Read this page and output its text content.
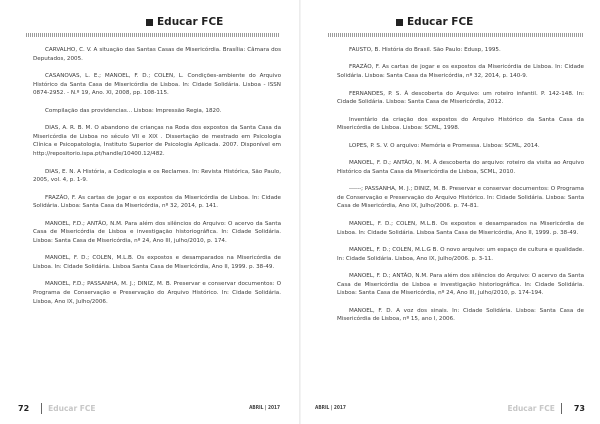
Educar FCE

CARVALHO, C. V. A situação das Santas Casas de Misericórdia. Brasília: Câmara dos Deputados, 2005.

CASANOVAS, L. E.; MANOEL, F. D.; COLEN, L. Condições-ambiente do Arquivo Histórico da Santa Casa de Misericórdia de Lisboa. In: Cidade Solidária. Lisboa - ISSN 0874-2952. - N.º 19, Ano. XI, 2008, pp. 108-115.

Compilação das providencias... Lisboa: Impressão Regia, 1820.

DIAS, A. R. B. M. O abandono de crianças na Roda dos expostos da Santa Casa da Misericórdia de Lisboa no século VII e XIX . Dissertação de mestrado em Psicologia Clínica e Psicopatologia, Instituto Superior de Psicologia Aplicada. 2007. Disponível em http://repositorio.ispa.pt/handle/10400.12/482.

DIAS, E. N. A História, a Codicologia e os Reclames. In: Revista Histórica, São Paulo, 2005, vol. 4, p. 1-9.

FRAZÃO, F. As cartas de jogar e os expostos da Misericórdia de Lisboa. In: Cidade Solidária. Lisboa: Santa Casa da Misericórdia, nº 32, 2014, p. 141.

MANOEL, F.D.; ANTÃO, N.M. Para além dos silêncios do Arquivo: O acervo da Santa Casa de Misericórdia de Lisboa e investigação historiográfica. In: Cidade Solidária. Lisboa: Santa Casa de Misericórdia, nº 24, Ano III, julho/2010, p. 174.

MANOEL, F. D.; COLEN, M.L.B. Os expostos e desamparados na Misericórdia de Lisboa. In: Cidade Solidária. Lisboa Santa Casa de Misericórdia, Ano II, 1999. p. 38-49.

MANOEL, F.D.; PASSANHA, M. J.; DINIZ, M. B. Preservar e conservar documentos: O Programa de Conservação e Preservação do Arquivo Histórico. In: Cidade Solidária. Lisboa, Ano IX, Julho/2006.

72	Educar FCE	ABRIL | 2017
Educar FCE

FAUSTO, B. História do Brasil. São Paulo: Edusp, 1995.

FRAZÃO, F. As cartas de jogar e os expostos da Misericórdia de Lisboa. In: Cidade Solidária. Lisboa: Santa Casa da Misericórdia, nº 32, 2014, p. 140-9.

FERNANDES, P. S. À descoberta do Arquivo: um roteiro infantil. P. 142-148. In: Cidade Solidária. Lisboa: Santa Casa de Misericórdia, 2012.

Inventário da criação dos expostos do Arquivo Histórico da Santa Casa da Misericórdia de Lisboa. Lisboa: SCML, 1998.

LOPES, P. S. V. O arquivo: Memória e Promessa. Lisboa: SCML, 2014.

MANOEL, F. D.; ANTÃO, N. M. À descoberta do arquivo: roteiro da visita ao Arquivo Histórico da Santa Casa da Misericórdia de Lisboa, SCML, 2010.

------; PASSANHA, M. J.; DINIZ, M. B. Preservar e conservar documentos: O Programa de Conservação e Preservação do Arquivo Histórico. In: Cidade Solidária. Lisboa: Santa Casa de Misericórdia, Ano IX, Julho/2006. p. 74-81.

MANOEL, F. D.; COLEN, M.L.B. Os expostos e desamparados na Misericórdia de Lisboa. In: Cidade Solidária. Lisboa Santa Casa de Misericórdia, Ano II, 1999. p. 38-49.

MANOEL, F. D.; COLEN, M.L.G B. O novo arquivo: um espaço de cultura e qualidade. In: Cidade Solidária. Lisboa, Ano IX, Julho/2006. p. 3-11.

MANOEL, F. D.; ANTÃO, N.M. Para além dos silêncios do Arquivo: O acervo da Santa Casa de Misericórdia de Lisboa e investigação historiográfica. In: Cidade Solidária. Lisboa: Santa Casa de Misericórdia, nº 24, Ano III, julho/2010, p. 174-194.

MANOEL, F. D. A voz dos sinais. In: Cidade Solidária. Lisboa: Santa Casa de Misericórdia de Lisboa, nº 15, ano I, 2006.

ABRIL | 2017	Educar FCE 73
